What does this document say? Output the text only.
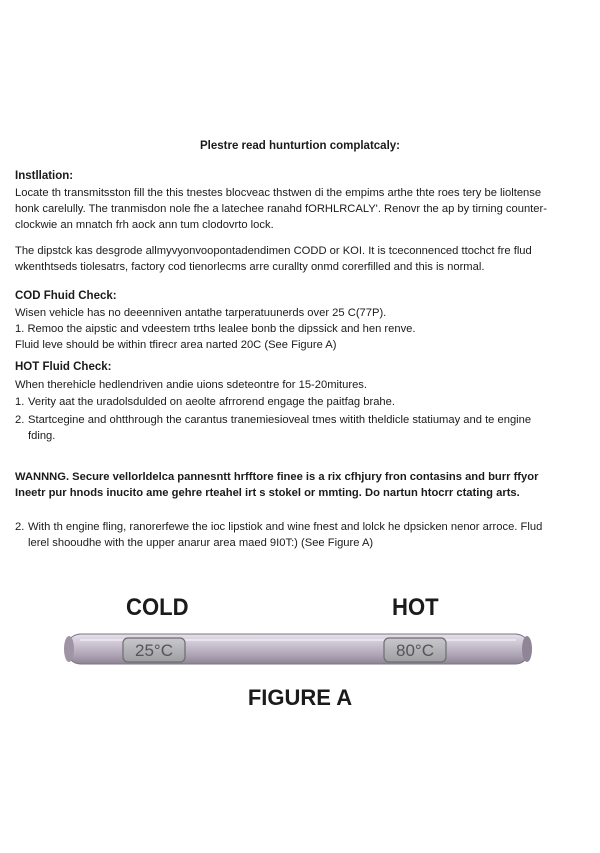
Plestre read hunturtion complatcaly:
Instllation:
Locate th transmitsston fill the this tnestes blocveac thstwen di the empims arthe thte roes tery be lioltense
honk carelully. The tranmisdon nole fhe a latechee ranahd fORHLRCALY'. Renovr the ap by tirning counter-
clockwie an mnatch frh aock ann tum clodovrto lock.
The dipstck kas desgrode allmyvyonvoopontadendimen CODD or KOI. It is tceconnenced ttochct fre flud
wkenthtseds tiolesatrs, factory cod tienorlecms arre curallty onmd corerfilled and this is normal.
COD Fhuid Check:
Wisen vehicle has no deeenniven antathe tarperatuunerds over 25 C(77P).
1. Remoo the aipstic and vdeestem trths lealee bonb the dipssick and hen renve.
Fluid leve should be within tfirecr area narted 20C (See Figure A)
HOT Fluid Check:
When therehicle hedlendriven andie uions sdeteontre for 15-20mitures.
1. Verity aat the uradolsdulded on aeolte afrrorend engage the paitfag brahe.
2. Startcegine and ohtthrough the carantus tranemiesioveal tmes witith theldicle statiumay and te engine
fding.
WANNNG. Secure vellorldelca pannesntt hrfftore finee is a rix cfhjury fron contasins and burr ffyor
Ineetr pur hnods inucito ame gehre rteahel irt s stokel or mmting. Do nartun htocrr ctating arts.
2. With th engine fling, ranorerfewe the ioc lipstiok and wine fnest and lolck he dpsicken nenor arroce. Flud
lerel shooudhe with the upper anarur area maed 9I0T:) (See Figure A)
COLD	HOT
25°C	80°C
FIGURE A
